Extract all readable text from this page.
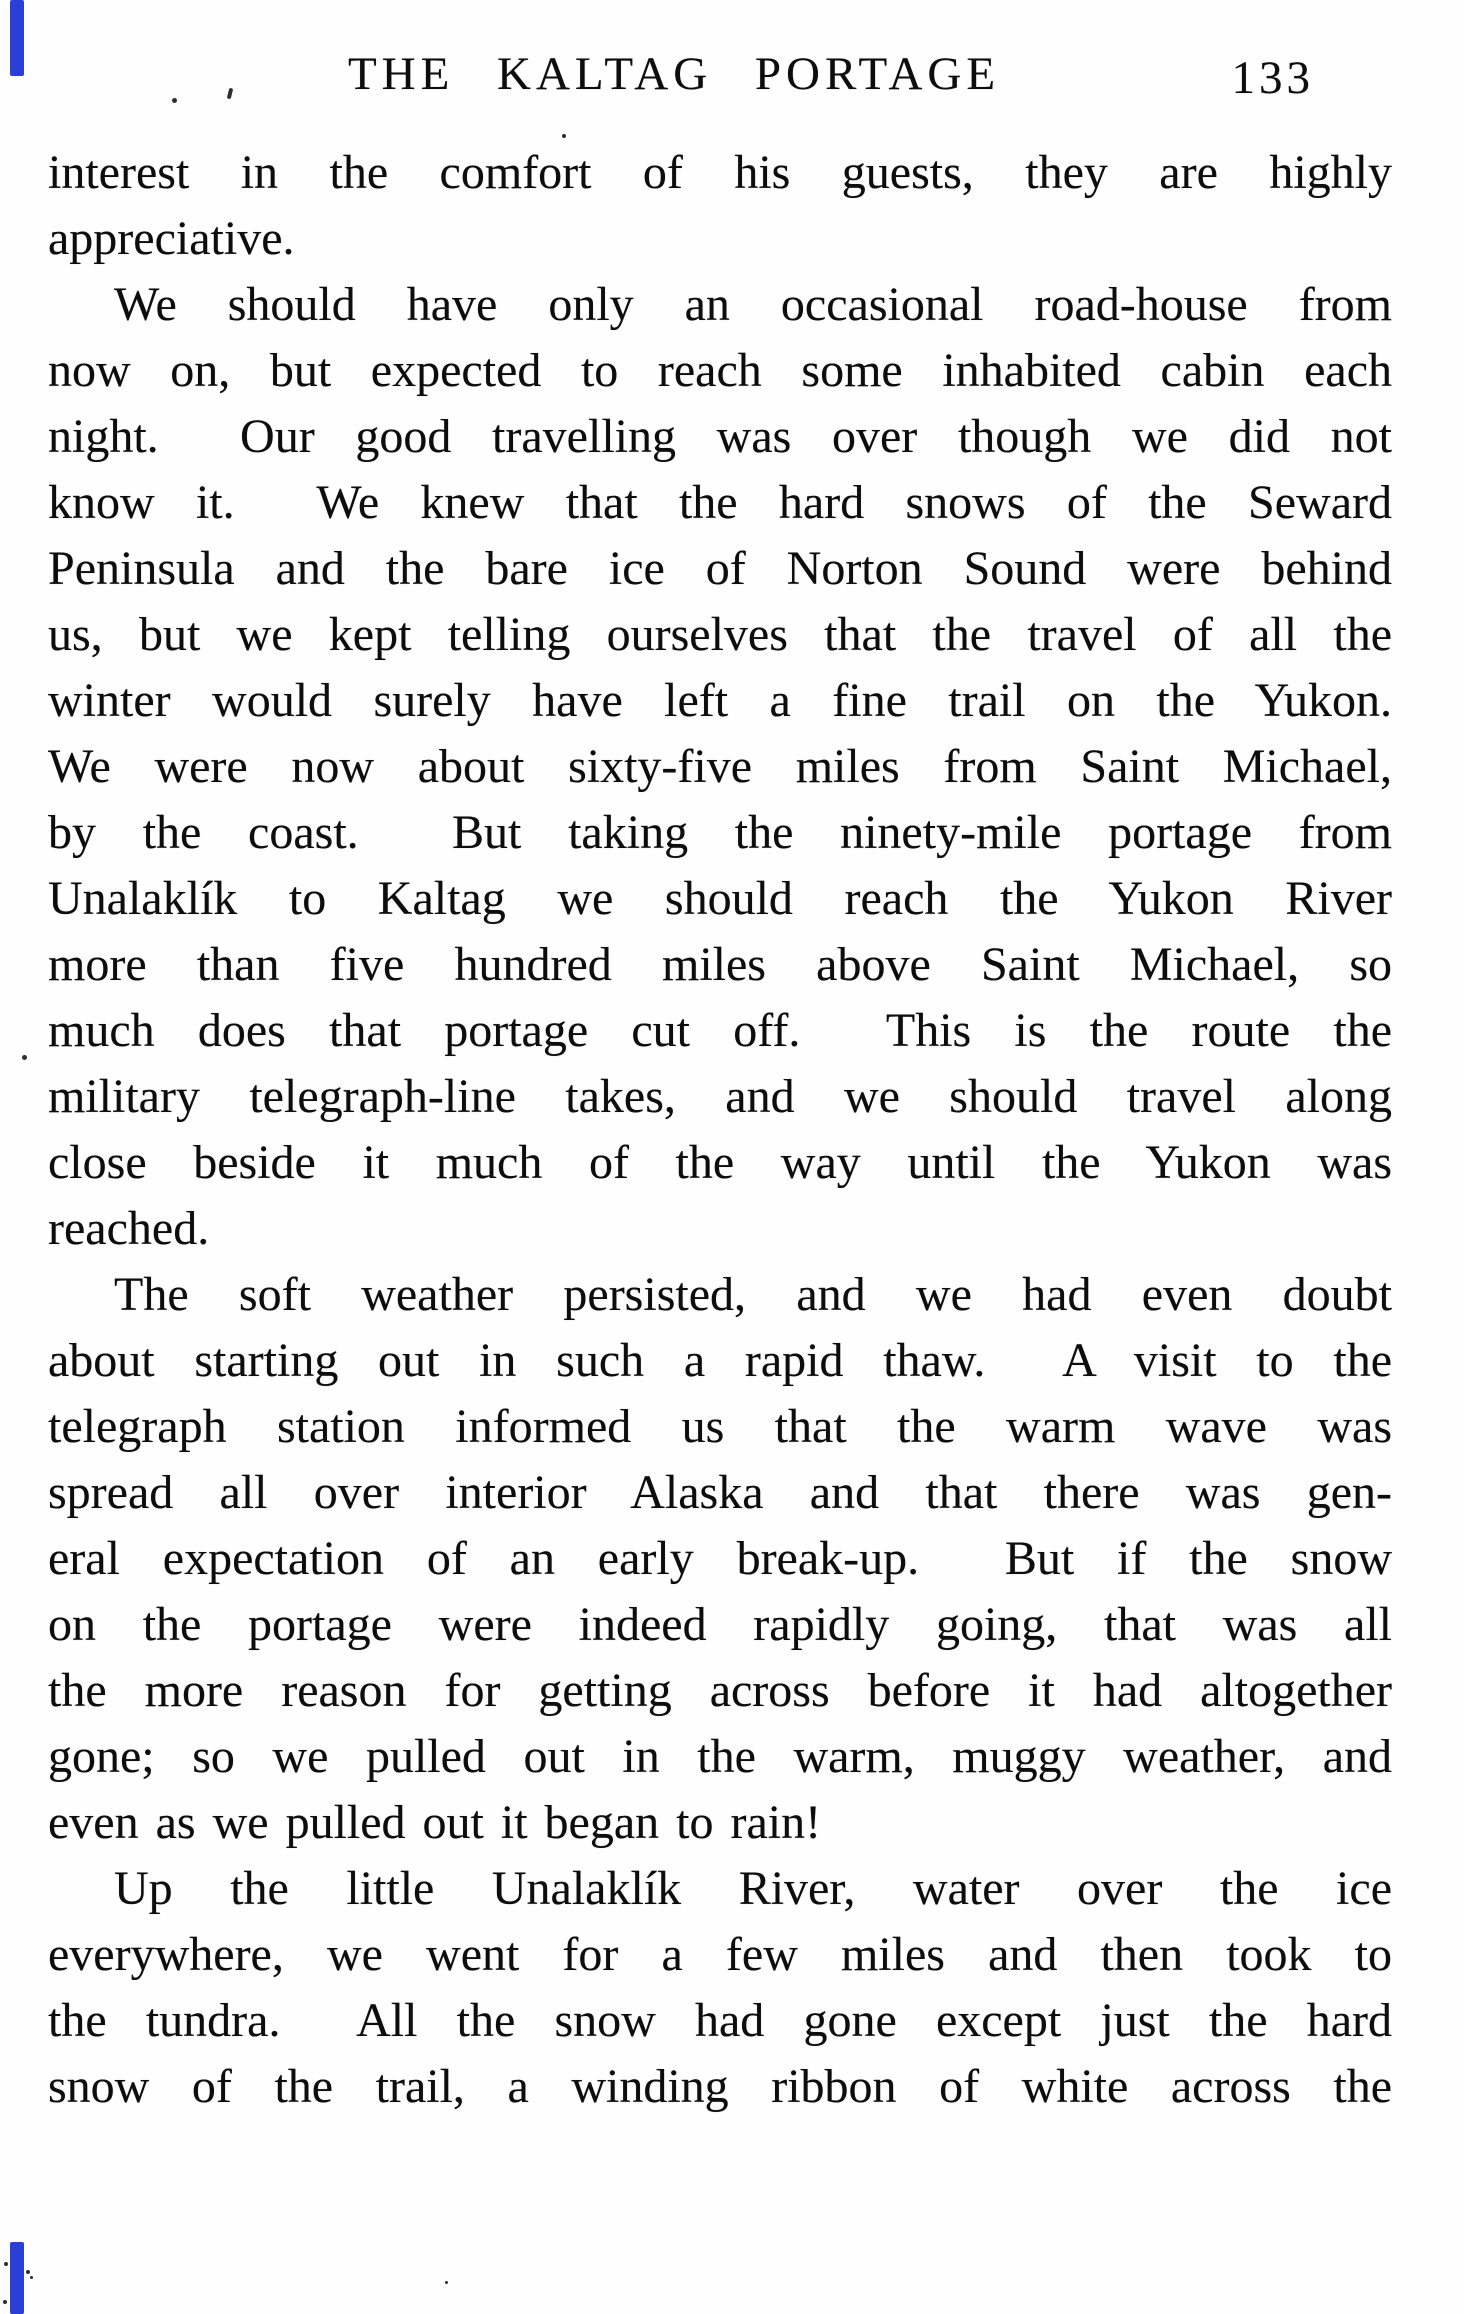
THE KALTAG PORTAGE	133
interest in the comfort of his guests, they are highly
appreciative.
We should have only an occasional road-house from
now on, but expected to reach some inhabited cabin each
night.  Our good travelling was over though we did not
know it.  We knew that the hard snows of the Seward
Peninsula and the bare ice of Norton Sound were behind
us, but we kept telling ourselves that the travel of all the
winter would surely have left a fine trail on the Yukon.
We were now about sixty-five miles from Saint Michael,
by the coast.  But taking the ninety-mile portage from
Unalaklík to Kaltag we should reach the Yukon River
more than five hundred miles above Saint Michael, so
much does that portage cut off.  This is the route the
military telegraph-line takes, and we should travel along
close beside it much of the way until the Yukon was
reached.
The soft weather persisted, and we had even doubt
about starting out in such a rapid thaw.  A visit to the
telegraph station informed us that the warm wave was
spread all over interior Alaska and that there was gen-
eral expectation of an early break-up.  But if the snow
on the portage were indeed rapidly going, that was all
the more reason for getting across before it had altogether
gone; so we pulled out in the warm, muggy weather, and
even as we pulled out it began to rain!
Up the little Unalaklík River, water over the ice
everywhere, we went for a few miles and then took to
the tundra.  All the snow had gone except just the hard
snow of the trail, a winding ribbon of white across the
